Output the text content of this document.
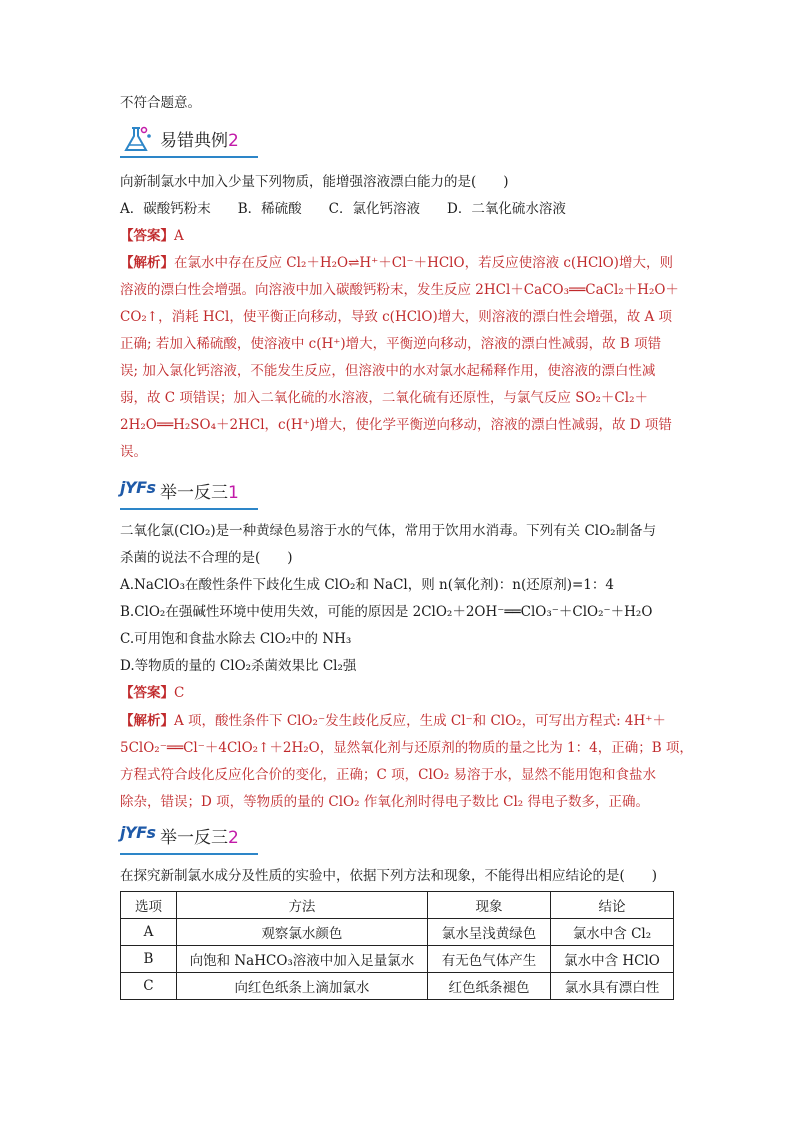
不符合题意。
易错典例2
向新制氯水中加入少量下列物质，能增强溶液漂白能力的是(　　)
A．碳酸钙粉末　　B．稀硫酸　　C．氯化钙溶液　　D．二氧化硫水溶液
【答案】A
【解析】在氯水中存在反应 Cl₂＋H₂O⇌H⁺＋Cl⁻＋HClO，若反应使溶液 c(HClO)增大，则
溶液的漂白性会增强。向溶液中加入碳酸钙粉末，发生反应 2HCl＋CaCO₃══CaCl₂＋H₂O＋
CO₂↑，消耗 HCl，使平衡正向移动，导致 c(HClO)增大，则溶液的漂白性会增强，故 A 项
正确; 若加入稀硫酸，使溶液中 c(H⁺)增大，平衡逆向移动，溶液的漂白性减弱，故 B 项错
误; 加入氯化钙溶液，不能发生反应，但溶液中的水对氯水起稀释作用，使溶液的漂白性减
弱，故 C 项错误；加入二氧化硫的水溶液，二氧化硫有还原性，与氯气反应 SO₂＋Cl₂＋
2H₂O══H₂SO₄＋2HCl，c(H⁺)增大，使化学平衡逆向移动，溶液的漂白性减弱，故 D 项错
误。
jYFs 举一反三1
二氧化氯(ClO₂)是一种黄绿色易溶于水的气体，常用于饮用水消毒。下列有关 ClO₂制备与
杀菌的说法不合理的是(　　)
A.NaClO₃在酸性条件下歧化生成 ClO₂和 NaCl，则 n(氧化剂)：n(还原剂)=1：4
B.ClO₂在强碱性环境中使用失效，可能的原因是 2ClO₂＋2OH⁻══ClO₃⁻＋ClO₂⁻＋H₂O
C.可用饱和食盐水除去 ClO₂中的 NH₃
D.等物质的量的 ClO₂杀菌效果比 Cl₂强
【答案】C
【解析】A 项，酸性条件下 ClO₂⁻发生歧化反应，生成 Cl⁻和 ClO₂，可写出方程式: 4H⁺＋
5ClO₂⁻══Cl⁻＋4ClO₂↑＋2H₂O，显然氧化剂与还原剂的物质的量之比为 1：4，正确；B 项，
方程式符合歧化反应化合价的变化，正确；C 项，ClO₂ 易溶于水，显然不能用饱和食盐水
除杂，错误；D 项，等物质的量的 ClO₂ 作氧化剂时得电子数比 Cl₂ 得电子数多，正确。
jYFs 举一反三2
在探究新制氯水成分及性质的实验中，依据下列方法和现象，不能得出相应结论的是(　　)
选项	方法	现象	结论
A	观察氯水颜色	氯水呈浅黄绿色	氯水中含 Cl₂
B	向饱和 NaHCO₃溶液中加入足量氯水	有无色气体产生	氯水中含 HClO
C	向红色纸条上滴加氯水	红色纸条褪色	氯水具有漂白性
